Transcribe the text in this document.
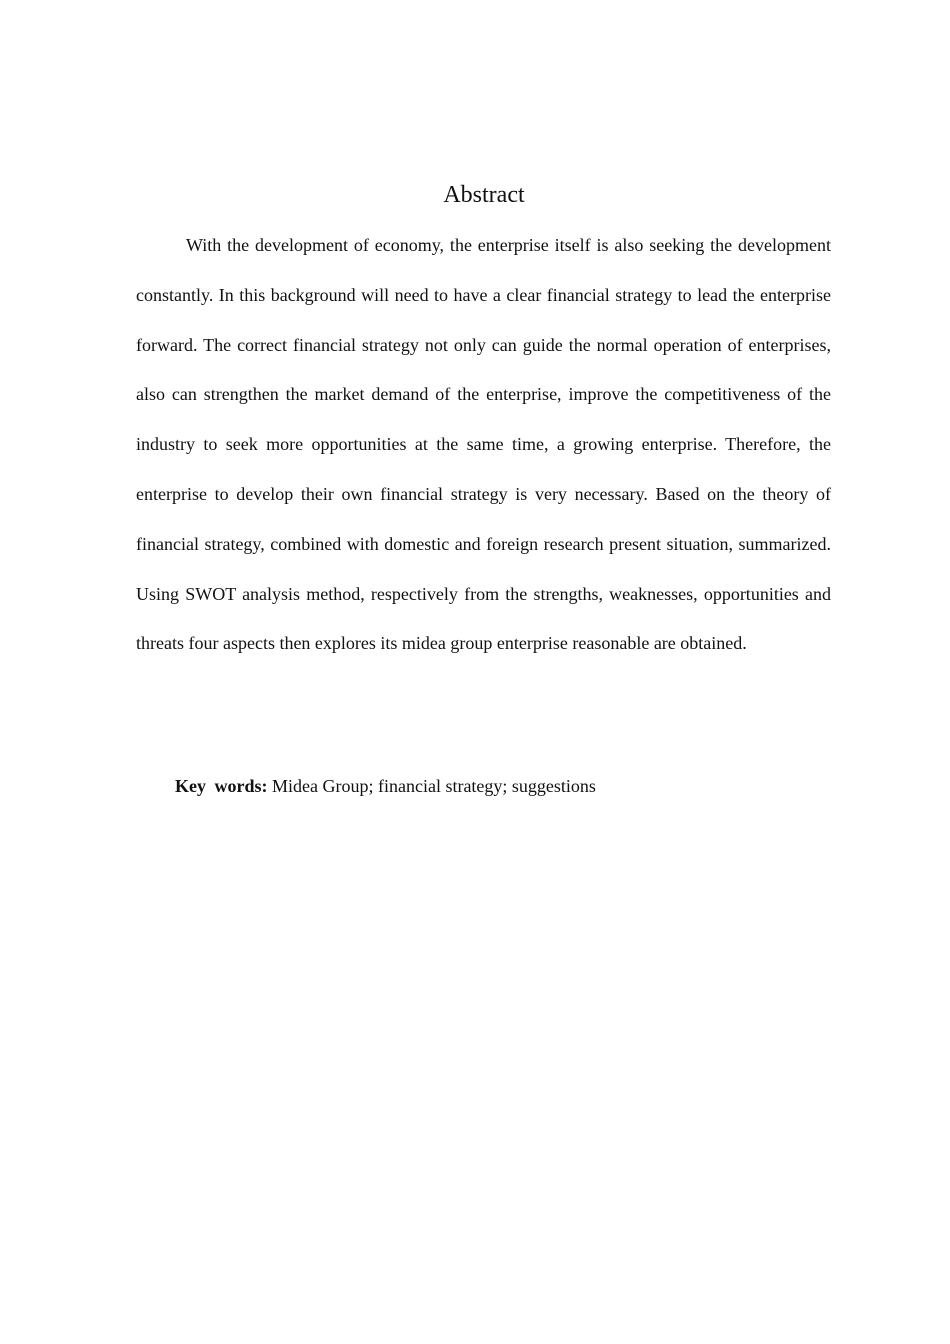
Abstract

With the development of economy, the enterprise itself is also seeking the development constantly. In this background will need to have a clear financial strategy to lead the enterprise forward. The correct financial strategy not only can guide the normal operation of enterprises, also can strengthen the market demand of the enterprise, improve the competitiveness of the industry to seek more opportunities at the same time, a growing enterprise. Therefore, the enterprise to develop their own financial strategy is very necessary. Based on the theory of financial strategy, combined with domestic and foreign research present situation, summarized. Using SWOT analysis method, respectively from the strengths, weaknesses, opportunities and threats four aspects then explores its midea group enterprise reasonable are obtained.

Key words: Midea Group; financial strategy; suggestions
